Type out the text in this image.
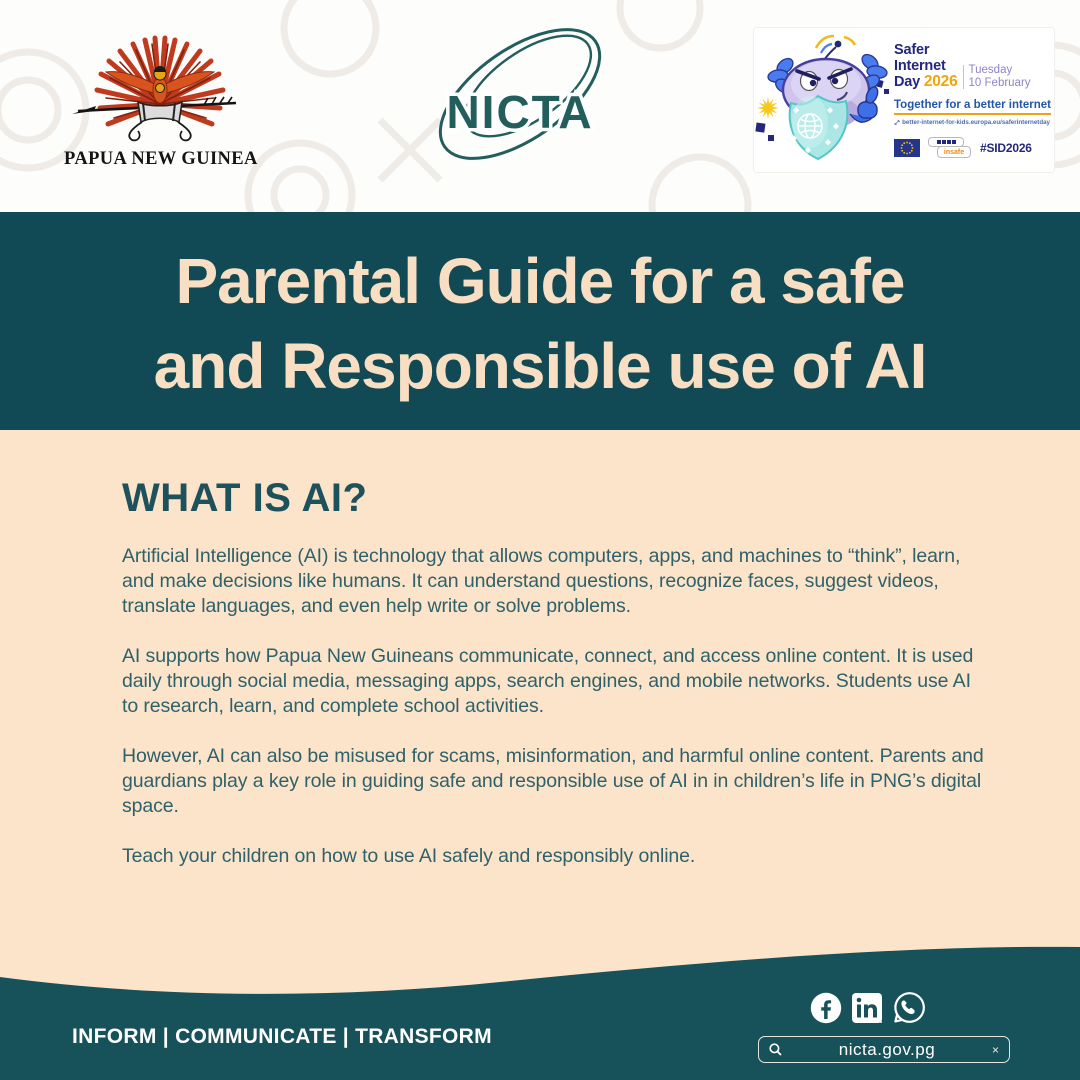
PAPUA NEW GUINEA
NICTA
Safer
Internet
Day 2026
Tuesday
10 February
Together for a better internet
better-internet-for-kids.europa.eu/saferinternetday
insafe	#SID2026
Parental Guide for a safe
and Responsible use of AI
WHAT IS AI?

Artificial Intelligence (AI) is technology that allows computers, apps, and machines to “think”, learn, and make decisions like humans. It can understand questions, recognize faces, suggest videos, translate languages, and even help write or solve problems.

AI supports how Papua New Guineans communicate, connect, and access online content. It is used daily through social media, messaging apps, search engines, and mobile networks. Students use AI to research, learn, and complete school activities.

However, AI can also be misused for scams, misinformation, and harmful online content. Parents and guardians play a key role in guiding safe and responsible use of AI in in children’s life in PNG’s digital space.

Teach your children on how to use AI safely and responsibly online.

INFORM | COMMUNICATE | TRANSFORM
nicta.gov.pg	×
